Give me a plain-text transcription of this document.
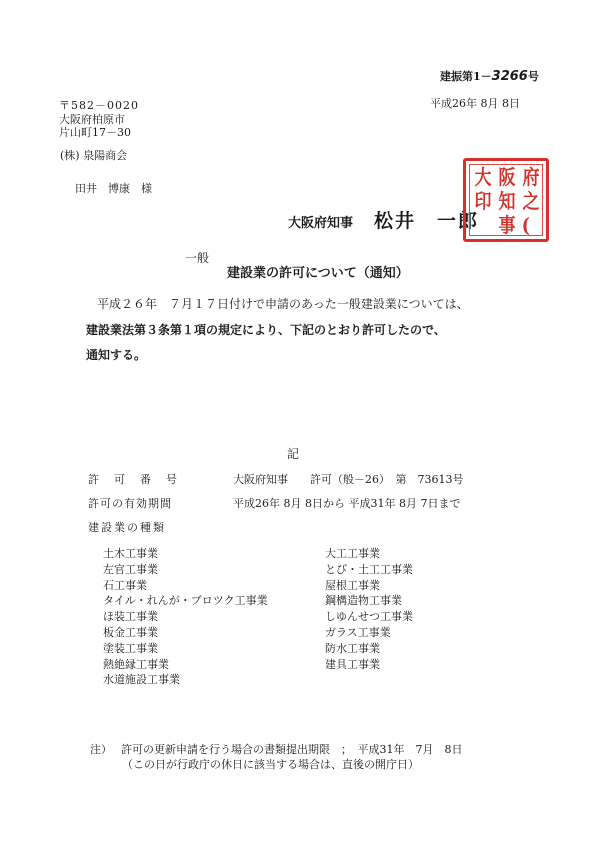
建振第1－3266号
平成26年 8月 8日
〒582－0020
大阪府柏原市
片山町17－30
(株) 泉陽商会
田井　博康　様
大阪府知事 松井　一郎
府
之
(
阪
知
事
大
印
一般
建設業の許可について（通知）
平成２６年　７月１７日付けで申請のあった一般建設業については、
建設業法第３条第１項の規定により、下記のとおり許可したので、
通知する。
記
許　可　番　号	大阪府知事　　許可（般－26）　第　73613号
許可の有効期間	平成26年 8月 8日から 平成31年 8月 7日まで
建設業の種類
土木工事業
左官工事業
石工事業
タイル・れんが・ブロツク工事業
ほ装工事業
板金工事業
塗装工事業
熱絶縁工事業
水道施設工事業
大工工事業
とび・土工工事業
屋根工事業
鋼構造物工事業
しゆんせつ工事業
ガラス工事業
防水工事業
建具工事業
注） 許可の更新申請を行う場合の書類提出期限　；　平成31年　7月　8日
（この日が行政庁の休日に該当する場合は、直後の開庁日）
